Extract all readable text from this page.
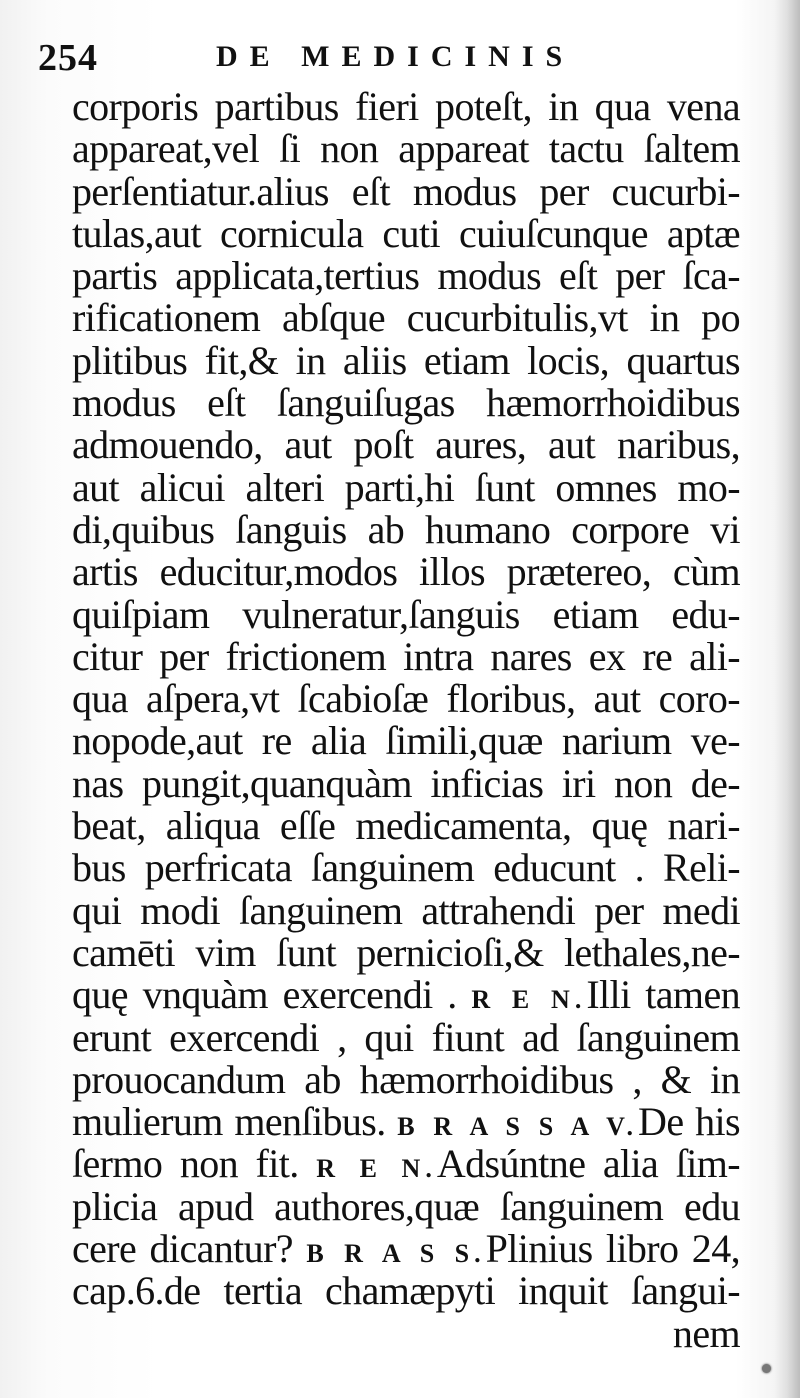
254	DE MEDICINIS
corporis partibus fieri poteſt, in qua vena
appareat,vel ſi non appareat tactu ſaltem
perſentiatur.alius eſt modus per cucurbi-
tulas,aut cornicula cuti cuiuſcunque aptæ
partis applicata,tertius modus eſt per ſca-
rificationem abſque cucurbitulis,vt in po
plitibus fit,& in aliis etiam locis, quartus
modus eſt ſanguiſugas hæmorrhoidibus
admouendo, aut poſt aures, aut naribus,
aut alicui alteri parti,hi ſunt omnes mo-
di,quibus ſanguis ab humano corpore vi
artis educitur,modos illos prætereo, cùm
quiſpiam vulneratur,ſanguis etiam edu-
citur per frictionem intra nares ex re ali-
qua aſpera,vt ſcabioſæ floribus, aut coro-
nopode,aut re alia ſimili,quæ narium ve-
nas pungit,quanquàm inficias iri non de-
beat, aliqua eſſe medicamenta, quę nari-
bus perfricata ſanguinem educunt . Reli-
qui modi ſanguinem attrahendi per medi
camēti vim ſunt pernicioſi,& lethales,ne-
quę vnquàm exercendi . R E N.Illi tamen
erunt exercendi , qui fiunt ad ſanguinem
prouocandum ab hæmorrhoidibus , & in
mulierum menſibus. B R A S S A V.De his
ſermo non fit. R E N.Adsúntne alia ſim-
plicia apud authores,quæ ſanguinem edu
cere dicantur? B R A S S.Plinius libro 24,
cap.6.de tertia chamæpyti inquit ſangui-
nem
